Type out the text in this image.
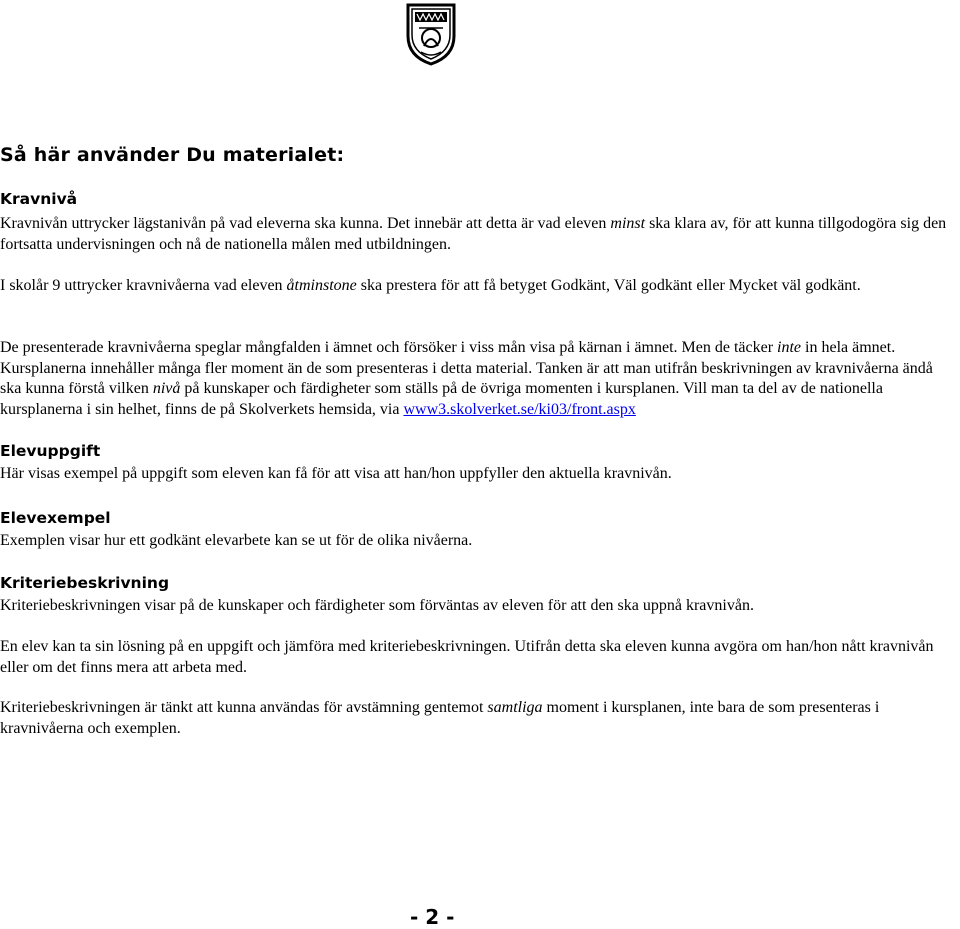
Så här använder Du materialet:
Kravnivå

Kravnivån uttrycker lägstanivån på vad eleverna ska kunna. Det innebär att detta är vad eleven minst ska klara av, för att kunna tillgodogöra sig den fortsatta undervisningen och nå de nationella målen med utbildningen.

I skolår 9 uttrycker kravnivåerna vad eleven åtminstone ska prestera för att få betyget Godkänt, Väl godkänt eller Mycket väl godkänt.

De presenterade kravnivåerna speglar mångfalden i ämnet och försöker i viss mån visa på kärnan i ämnet. Men de täcker inte in hela ämnet. Kursplanerna innehåller många fler moment än de som presenteras i detta material. Tanken är att man utifrån beskrivningen av kravnivåerna ändå ska kunna förstå vilken nivå på kunskaper och färdigheter som ställs på de övriga momenten i kursplanen. Vill man ta del av de nationella kursplanerna i sin helhet, finns de på Skolverkets hemsida, via www3.skolverket.se/ki03/front.aspx

Elevuppgift

Här visas exempel på uppgift som eleven kan få för att visa att han/hon uppfyller den aktuella kravnivån.

Elevexempel

Exemplen visar hur ett godkänt elevarbete kan se ut för de olika nivåerna.

Kriteriebeskrivning

Kriteriebeskrivningen visar på de kunskaper och färdigheter som förväntas av eleven för att den ska uppnå kravnivån.

En elev kan ta sin lösning på en uppgift och jämföra med kriteriebeskrivningen. Utifrån detta ska eleven kunna avgöra om han/hon nått kravnivån eller om det finns mera att arbeta med.

Kriteriebeskrivningen är tänkt att kunna användas för avstämning gentemot samtliga moment i kursplanen, inte bara de som presenteras i kravnivåerna och exemplen.

- 2 -
